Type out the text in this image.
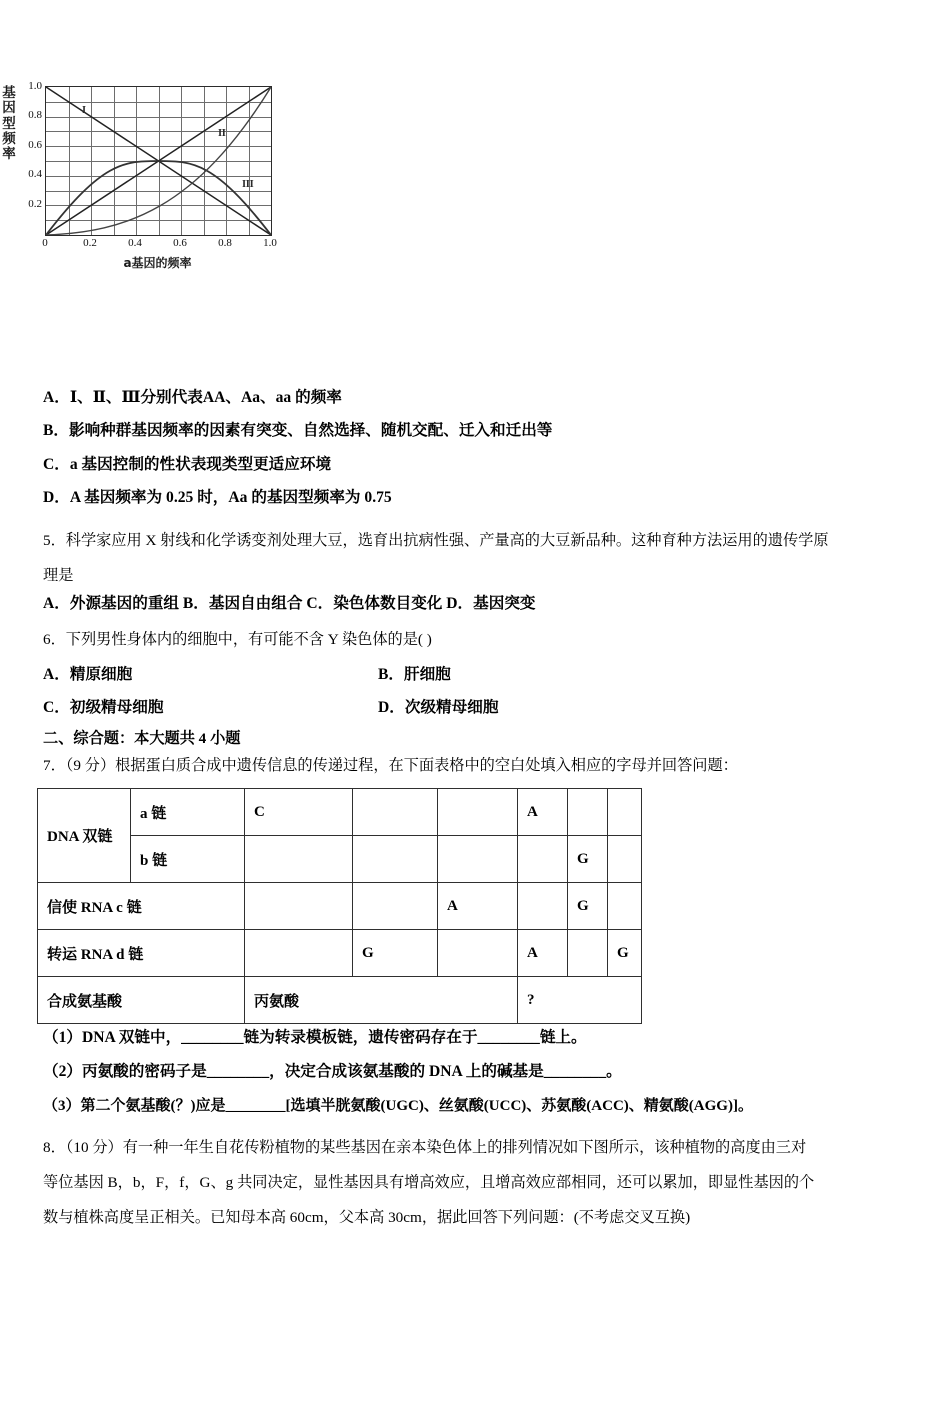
基因型频率
1.0
0.8
0.6
0.4
0.2
I
II
III
0	0.2	0.4	0.6	0.8	1.0
a基因的频率
A．Ⅰ、Ⅱ、Ⅲ分别代表AA、Aa、aa 的频率
B．影响种群基因频率的因素有突变、自然选择、随机交配、迁入和迁出等
C．a 基因控制的性状表现类型更适应环境
D．A 基因频率为 0.25 时，Aa 的基因型频率为 0.75
5．科学家应用 X 射线和化学诱变剂处理大豆，选育出抗病性强、产量高的大豆新品种。这种育种方法运用的遗传学原
理是
A．外源基因的重组 B．基因自由组合 C．染色体数目变化 D．基因突变
6．下列男性身体内的细胞中，有可能不含 Y 染色体的是( )
A．精原细胞	B．肝细胞
C．初级精母细胞	D．次级精母细胞
二、综合题：本大题共 4 小题
7．（9 分）根据蛋白质合成中遗传信息的传递过程，在下面表格中的空白处填入相应的字母并回答问题：
DNA 双链	a 链	C			A		
	b 链					G	
信使 RNA c 链				A		G	
转运 RNA d 链			G		A		G
合成氨基酸		丙氨酸			?		
（1）DNA 双链中，________链为转录模板链，遗传密码存在于________链上。
（2）丙氨酸的密码子是________，决定合成该氨基酸的 DNA 上的碱基是________。
（3）第二个氨基酸(？)应是________[选填半胱氨酸(UGC)、丝氨酸(UCC)、苏氨酸(ACC)、精氨酸(AGG)]。
8．（10 分）有一种一年生自花传粉植物的某些基因在亲本染色体上的排列情况如下图所示，该种植物的高度由三对
等位基因 B，b，F，f，G、g 共同决定，显性基因具有增高效应，且增高效应部相同，还可以累加，即显性基因的个
数与植株高度呈正相关。已知母本高 60cm，父本高 30cm，据此回答下列问题：(不考虑交叉互换)
